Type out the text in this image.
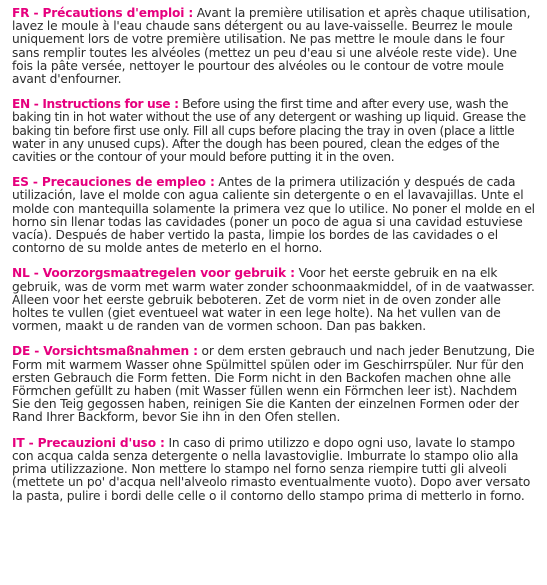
FR - Précautions d'emploi : Avant la première utilisation et après chaque utilisation, lavez le moule à l'eau chaude sans détergent ou au lave-vaisselle. Beurrez le moule uniquement lors de votre première utilisation. Ne pas mettre le moule dans le four sans remplir toutes les alvéoles (mettez un peu d'eau si une alvéole reste vide). Une fois la pâte versée, nettoyer le pourtour des alvéoles ou le contour de votre moule avant d'enfourner.

EN - Instructions for use : Before using the first time and after every use, wash the baking tin in hot water without the use of any detergent or washing up liquid. Grease the baking tin before first use only. Fill all cups before placing the tray in oven (place a little water in any unused cups). After the dough has been poured, clean the edges of the cavities or the contour of your mould before putting it in the oven.

ES - Precauciones de empleo : Antes de la primera utilización y después de cada utilización, lave el molde con agua caliente sin detergente o en el lavavajillas. Unte el molde con mantequilla solamente la primera vez que lo utilice. No poner el molde en el horno sin llenar todas las cavidades (poner un poco de agua si una cavidad estuviese vacía). Después de haber vertido la pasta, limpie los bordes de las cavidades o el contorno de su molde antes de meterlo en el horno.

NL - Voorzorgsmaatregelen voor gebruik : Voor het eerste gebruik en na elk gebruik, was de vorm met warm water zonder schoonmaakmiddel, of in de vaatwasser. Alleen voor het eerste gebruik beboteren. Zet de vorm niet in de oven zonder alle holtes te vullen (giet eventueel wat water in een lege holte). Na het vullen van de vormen, maakt u de randen van de vormen schoon. Dan pas bakken.

DE - Vorsichtsmaßnahmen : or dem ersten gebrauch und nach jeder Benutzung, Die Form mit warmem Wasser ohne Spülmittel spülen oder im Geschirrspüler. Nur für den ersten Gebrauch die Form fetten. Die Form nicht in den Backofen machen ohne alle Förmchen gefüllt zu haben (mit Wasser füllen wenn ein Förmchen leer ist). Nachdem Sie den Teig gegossen haben, reinigen Sie die Kanten der einzelnen Formen oder der Rand Ihrer Backform, bevor Sie ihn in den Ofen stellen.

IT - Precauzioni d'uso : In caso di primo utilizzo e dopo ogni uso, lavate lo stampo con acqua calda senza detergente o nella lavastoviglie. Imburrate lo stampo olio alla prima utilizzazione. Non mettere lo stampo nel forno senza riempire tutti gli alveoli (mettete un po' d'acqua nell'alveolo rimasto eventualmente vuoto). Dopo aver versato la pasta, pulire i bordi delle celle o il contorno dello stampo prima di metterlo in forno.
